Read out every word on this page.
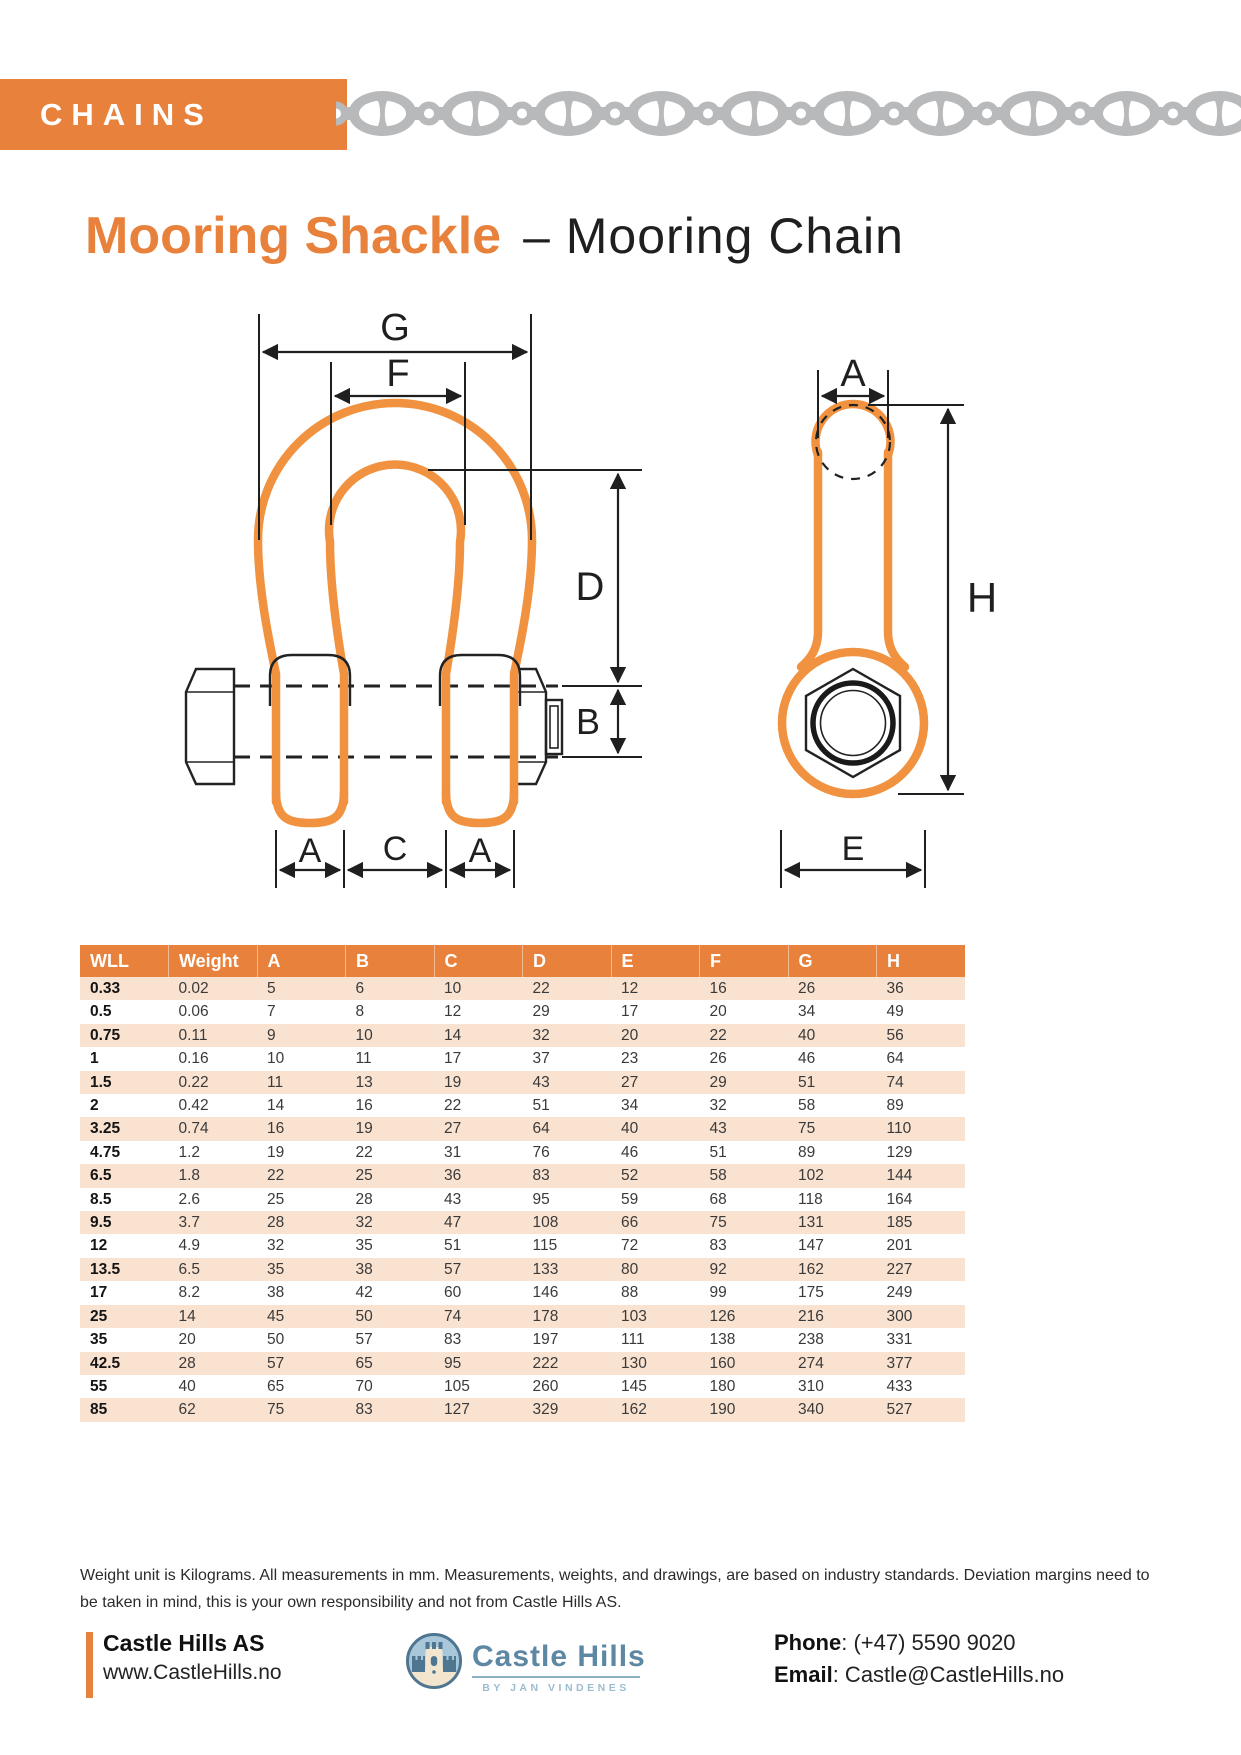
CHAINS
Mooring Shackle – Mooring Chain
G
F
D
B
A C A
A
H
E
WLL	Weight	A	B	C	D	E	F	G	H
0.33	0.02	5	6	10	22	12	16	26	36
0.5	0.06	7	8	12	29	17	20	34	49
0.75	0.11	9	10	14	32	20	22	40	56
1	0.16	10	11	17	37	23	26	46	64
1.5	0.22	11	13	19	43	27	29	51	74
2	0.42	14	16	22	51	34	32	58	89
3.25	0.74	16	19	27	64	40	43	75	110
4.75	1.2	19	22	31	76	46	51	89	129
6.5	1.8	22	25	36	83	52	58	102	144
8.5	2.6	25	28	43	95	59	68	118	164
9.5	3.7	28	32	47	108	66	75	131	185
12	4.9	32	35	51	115	72	83	147	201
13.5	6.5	35	38	57	133	80	92	162	227
17	8.2	38	42	60	146	88	99	175	249
25	14	45	50	74	178	103	126	216	300
35	20	50	57	83	197	111	138	238	331
42.5	28	57	65	95	222	130	160	274	377
55	40	65	70	105	260	145	180	310	433
85	62	75	83	127	329	162	190	340	527

Weight unit is Kilograms. All measurements in mm. Measurements, weights, and drawings, are based on industry standards. Deviation margins need to be taken in mind, this is your own responsibility and not from Castle Hills AS.

Castle Hills AS
www.CastleHills.no	Castle Hills
BY JAN VINDENES
Phone: (+47) 5590 9020
Email: Castle@CastleHills.no
